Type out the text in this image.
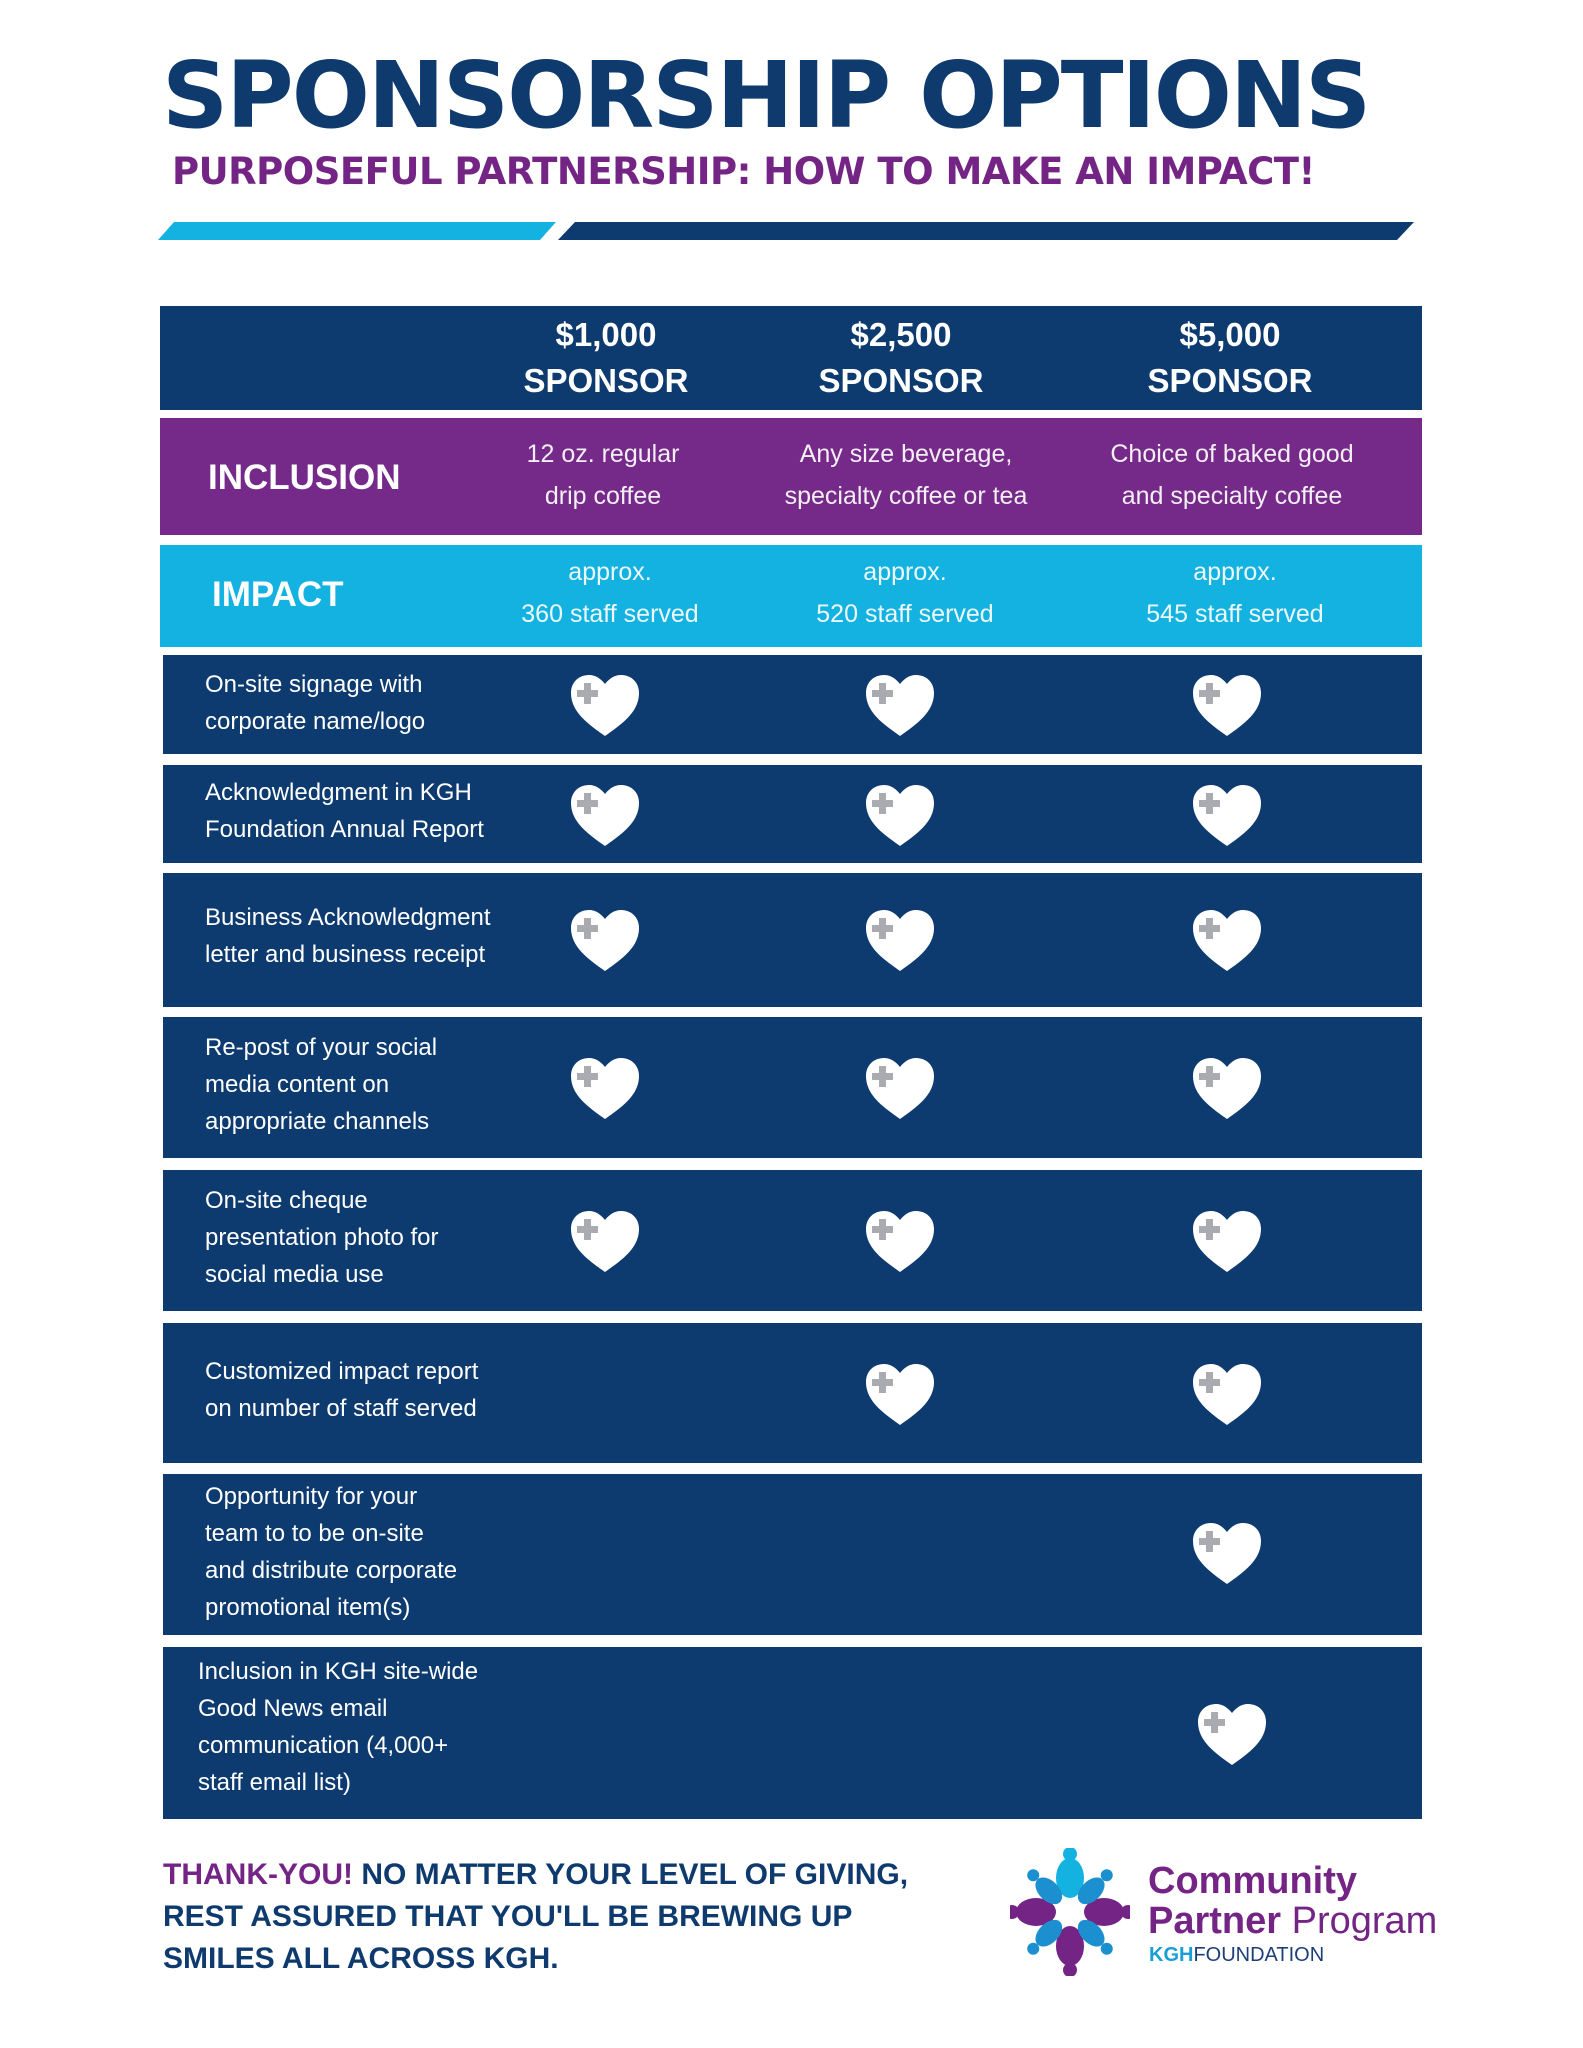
SPONSORSHIP OPTIONS
PURPOSEFUL PARTNERSHIP: HOW TO MAKE AN IMPACT!
$1,000
SPONSOR
$2,500
SPONSOR
$5,000
SPONSOR
INCLUSION
12 oz. regular
drip coffee
Any size beverage,
specialty coffee or tea
Choice of baked good
and specialty coffee
IMPACT
approx.
360 staff served
approx.
520 staff served
approx.
545 staff served
On-site signage with
corporate name/logo
Acknowledgment in KGH
Foundation Annual Report
Business Acknowledgment
letter and business receipt
Re-post of your social
media content on
appropriate channels
On-site cheque
presentation photo for
social media use
Customized impact report
on number of staff served
Opportunity for your
team to to be on-site
and distribute corporate
promotional item(s)
Inclusion in KGH site-wide
Good News email
communication (4,000+
staff email list)
THANK-YOU! NO MATTER YOUR LEVEL OF GIVING,
REST ASSURED THAT YOU'LL BE BREWING UP
SMILES ALL ACROSS KGH.
Community
Partner Program
KGHFOUNDATION
